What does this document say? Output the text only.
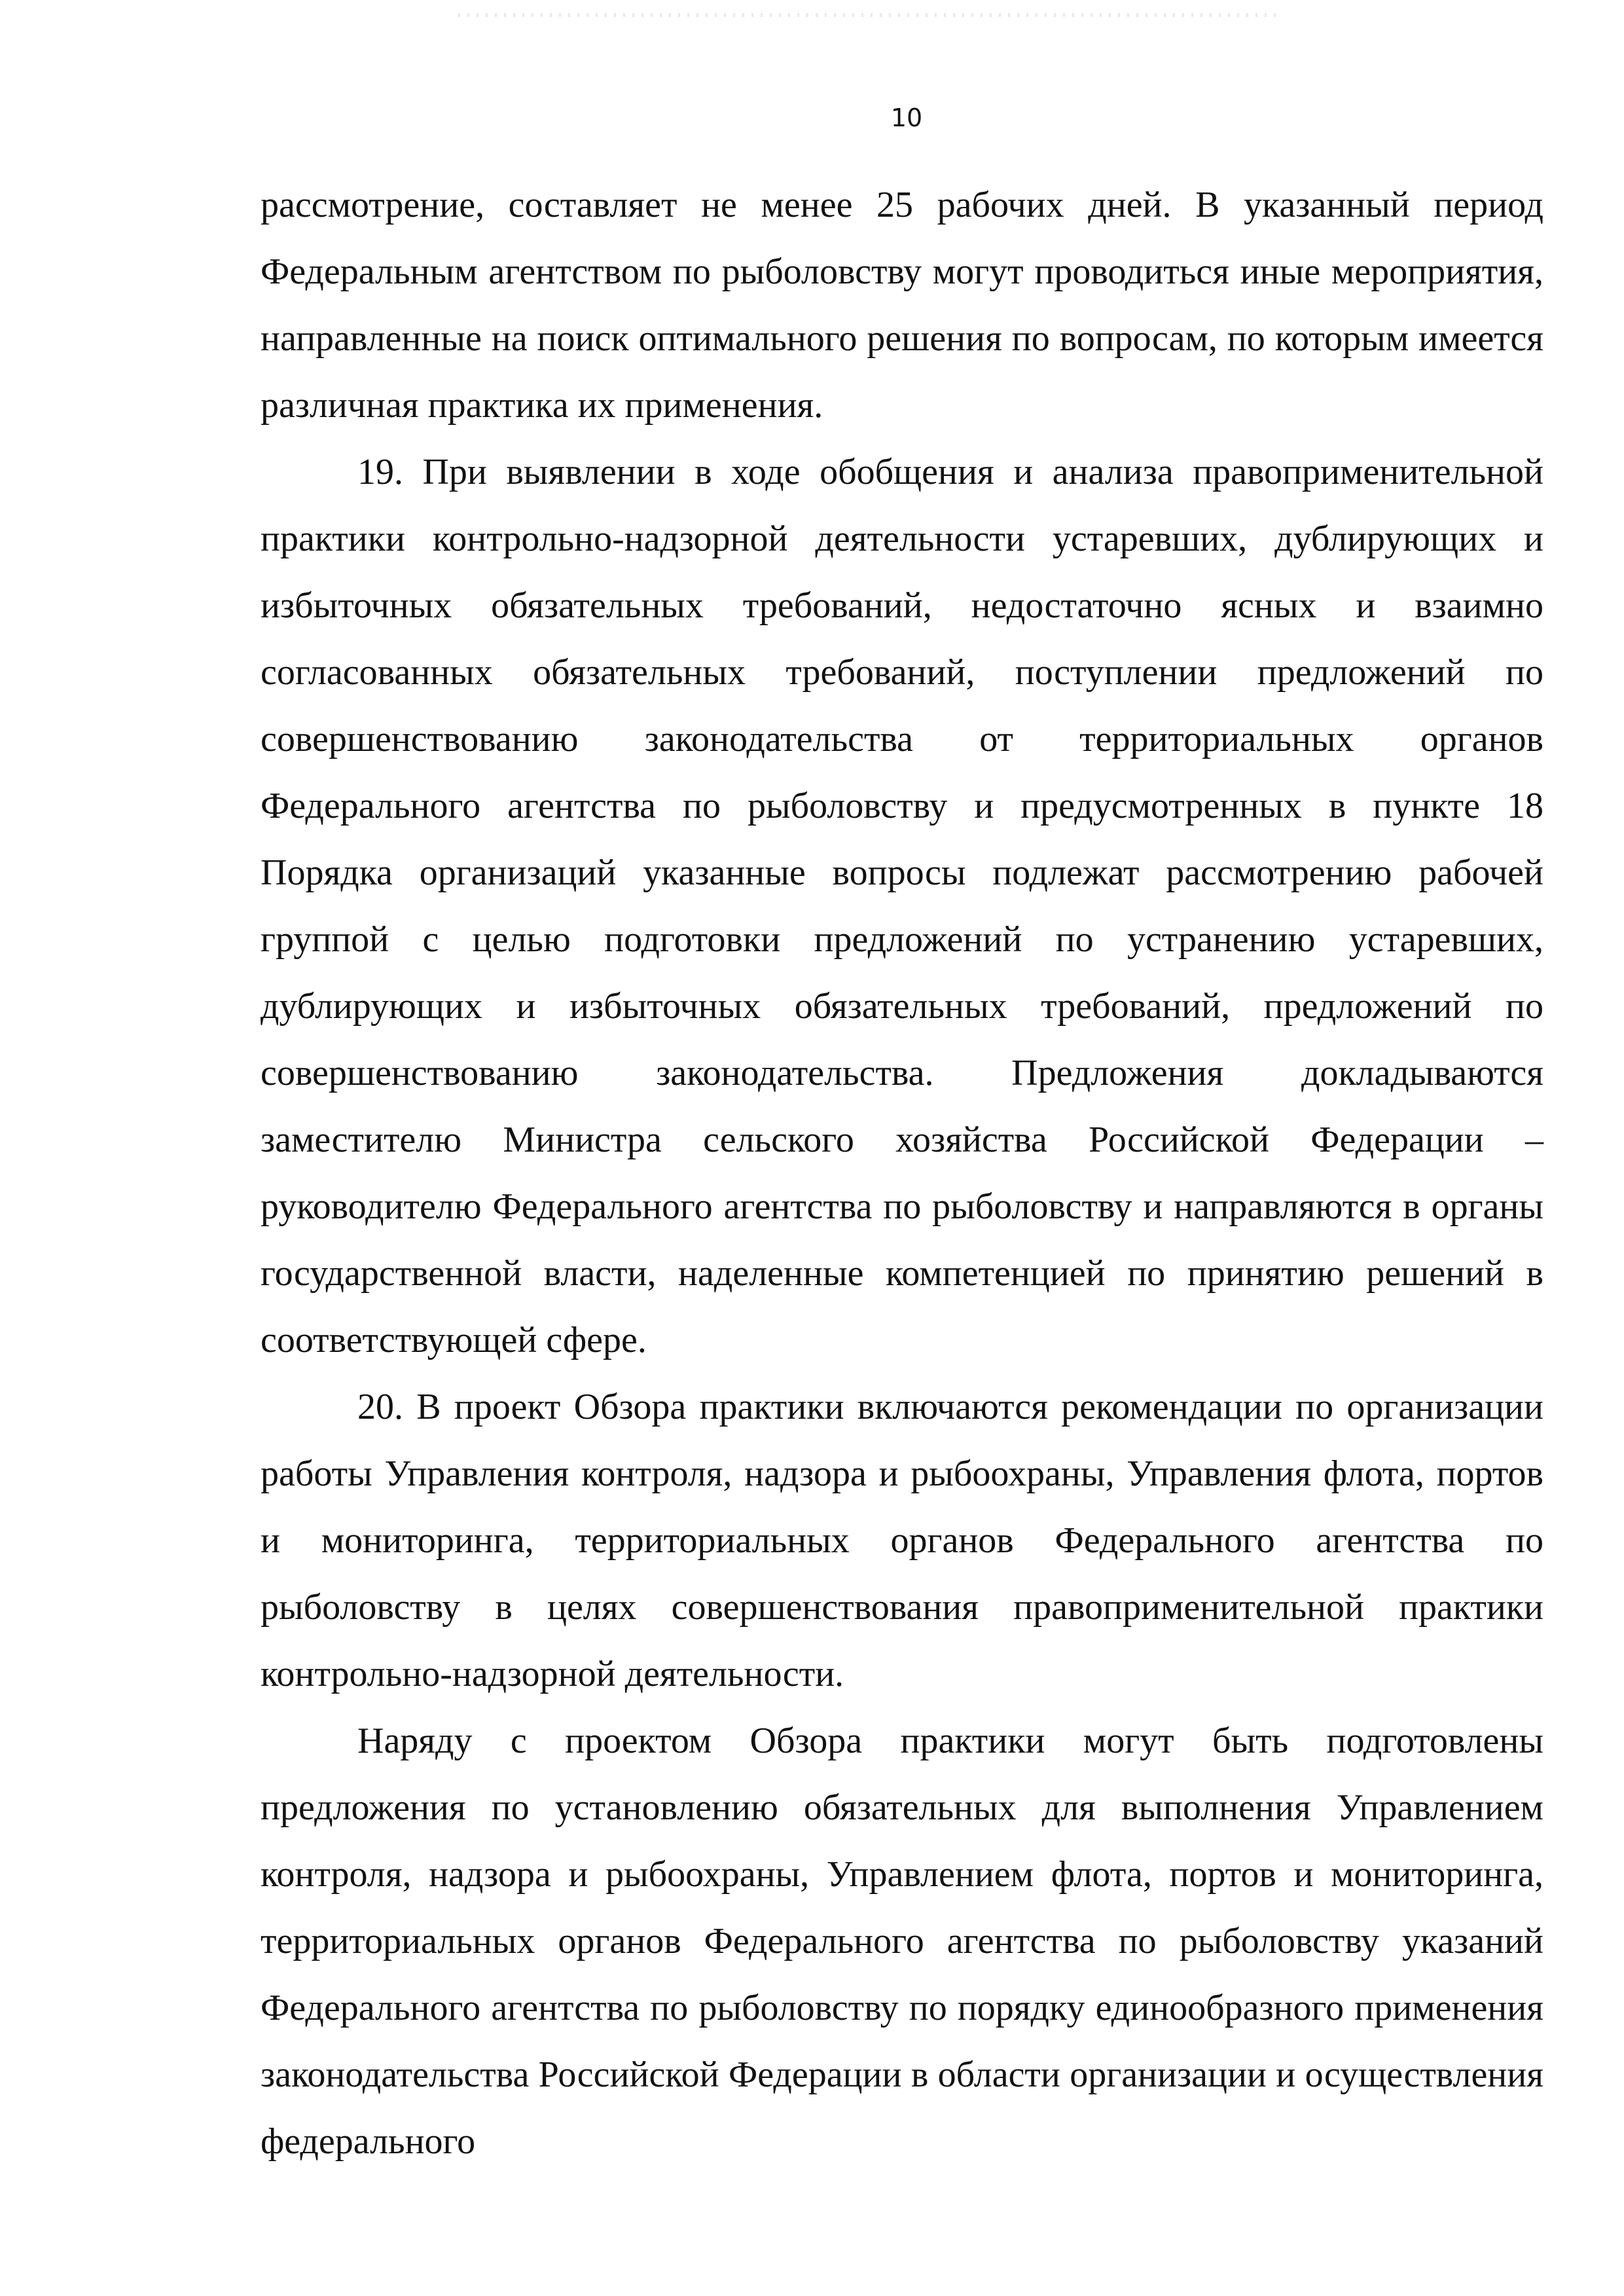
10

рассмотрение, составляет не менее 25 рабочих дней. В указанный период Федеральным агентством по рыболовству могут проводиться иные мероприятия, направленные на поиск оптимального решения по вопросам, по которым имеется различная практика их применения.

19. При выявлении в ходе обобщения и анализа правоприменительной практики контрольно-надзорной деятельности устаревших, дублирующих и избыточных обязательных требований, недостаточно ясных и взаимно согласованных обязательных требований, поступлении предложений по совершенствованию законодательства от территориальных органов Федерального агентства по рыболовству и предусмотренных в пункте 18 Порядка организаций указанные вопросы подлежат рассмотрению рабочей группой с целью подготовки предложений по устранению устаревших, дублирующих и избыточных обязательных требований, предложений по совершенствованию законодательства. Предложения докладываются заместителю Министра сельского хозяйства Российской Федерации – руководителю Федерального агентства по рыболовству и направляются в органы государственной власти, наделенные компетенцией по принятию решений в соответствующей сфере.

20. В проект Обзора практики включаются рекомендации по организации работы Управления контроля, надзора и рыбоохраны, Управления флота, портов и мониторинга, территориальных органов Федерального агентства по рыболовству в целях совершенствования правоприменительной практики контрольно-надзорной деятельности.

Наряду с проектом Обзора практики могут быть подготовлены предложения по установлению обязательных для выполнения Управлением контроля, надзора и рыбоохраны, Управлением флота, портов и мониторинга, территориальных органов Федерального агентства по рыболовству указаний Федерального агентства по рыболовству по порядку единообразного применения законодательства Российской Федерации в области организации и осуществления федерального
